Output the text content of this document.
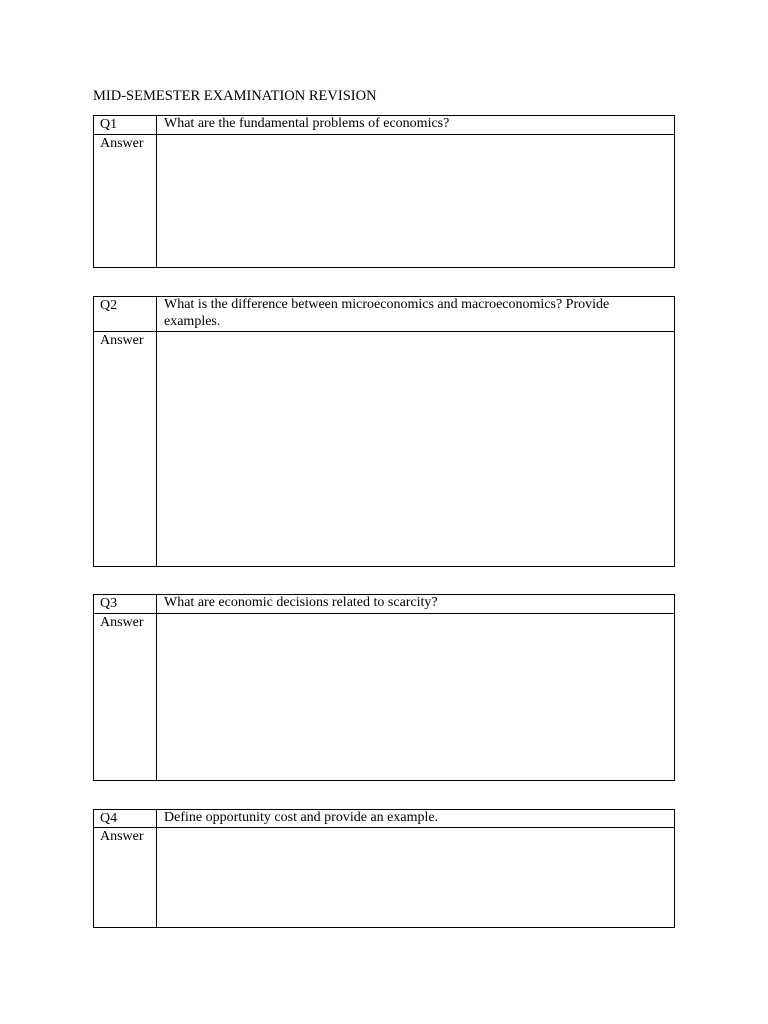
MID-SEMESTER EXAMINATION REVISION
Q1	What are the fundamental problems of economics?
Answer
Q2	What is the difference between microeconomics and macroeconomics? Provide examples.
Answer
Q3	What are economic decisions related to scarcity?
Answer
Q4	Define opportunity cost and provide an example.
Answer
